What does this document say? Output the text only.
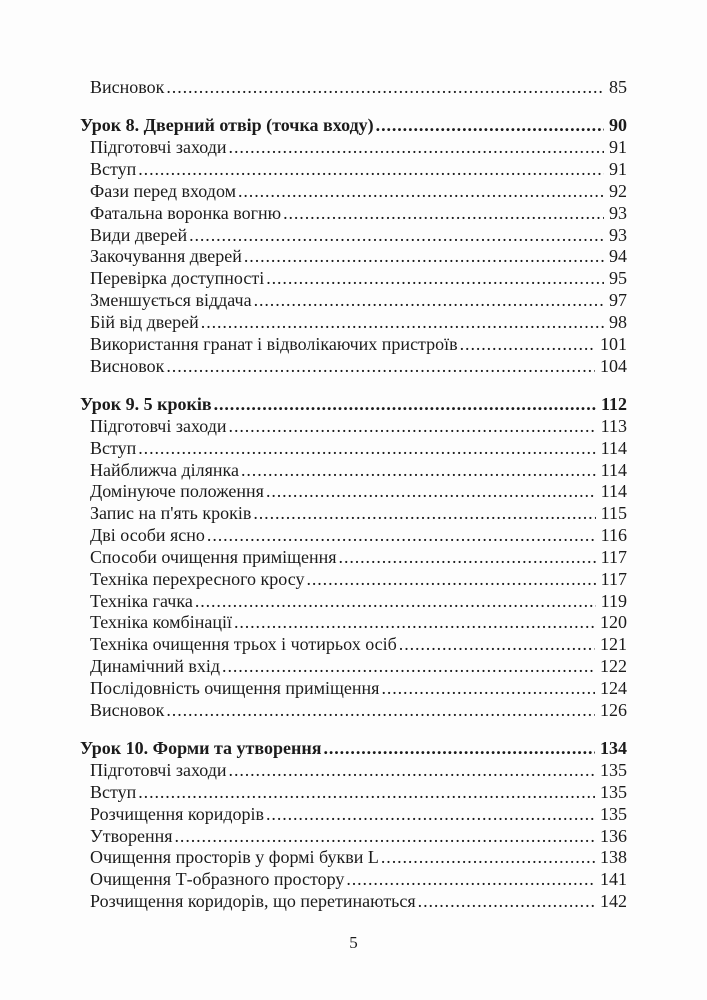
Висновок .....	85
Урок 8. Дверний отвір (точка входу) .....	90
Підготовчі заходи .....	91
Вступ .....	91
Фази перед входом .....	92
Фатальна воронка вогню .....	93
Види дверей .....	93
Закочування дверей .....	94
Перевірка доступності .....	95
Зменшується віддача .....	97
Бій від дверей .....	98
Використання гранат і відволікаючих пристроїв .....	101
Висновок .....	104
Урок 9. 5 кроків .....	112
Підготовчі заходи .....	113
Вступ .....	114
Найближча ділянка .....	114
Домінуюче положення .....	114
Запис на п'ять кроків .....	115
Дві особи ясно .....	116
Способи очищення приміщення .....	117
Техніка перехресного кросу .....	117
Техніка гачка .....	119
Техніка комбінації .....	120
Техніка очищення трьох і чотирьох осіб .....	121
Динамічний вхід .....	122
Послідовність очищення приміщення .....	124
Висновок .....	126
Урок 10. Форми та утворення .....	134
Підготовчі заходи .....	135
Вступ .....	135
Розчищення коридорів .....	135
Утворення .....	136
Очищення просторів у формі букви L .....	138
Очищення Т-образного простору .....	141
Розчищення коридорів, що перетинаються .....	142
5
